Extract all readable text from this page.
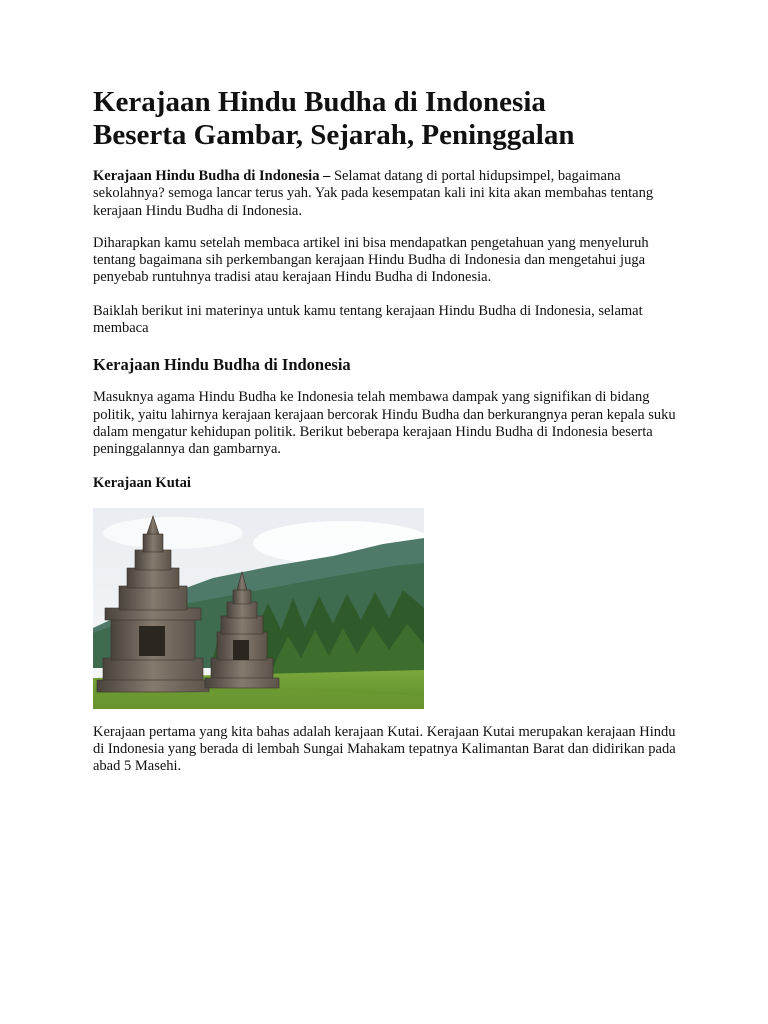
Kerajaan Hindu Budha di Indonesia
Beserta Gambar, Sejarah, Peninggalan

Kerajaan Hindu Budha di Indonesia – Selamat datang di portal hidupsimpel, bagaimana sekolahnya? semoga lancar terus yah. Yak pada kesempatan kali ini kita akan membahas tentang kerajaan Hindu Budha di Indonesia.

Diharapkan kamu setelah membaca artikel ini bisa mendapatkan pengetahuan yang menyeluruh tentang bagaimana sih perkembangan kerajaan Hindu Budha di Indonesia dan mengetahui juga penyebab runtuhnya tradisi atau kerajaan Hindu Budha di Indonesia.

Baiklah berikut ini materinya untuk kamu tentang kerajaan Hindu Budha di Indonesia, selamat membaca

Kerajaan Hindu Budha di Indonesia

Masuknya agama Hindu Budha ke Indonesia telah membawa dampak yang signifikan di bidang politik, yaitu lahirnya kerajaan kerajaan bercorak Hindu Budha dan berkurangnya peran kepala suku dalam mengatur kehidupan politik. Berikut beberapa kerajaan Hindu Budha di Indonesia beserta peninggalannya dan gambarnya.

Kerajaan Kutai

Kerajaan pertama yang kita bahas adalah kerajaan Kutai. Kerajaan Kutai merupakan kerajaan Hindu di Indonesia yang berada di lembah Sungai Mahakam tepatnya Kalimantan Barat dan didirikan pada abad 5 Masehi.
